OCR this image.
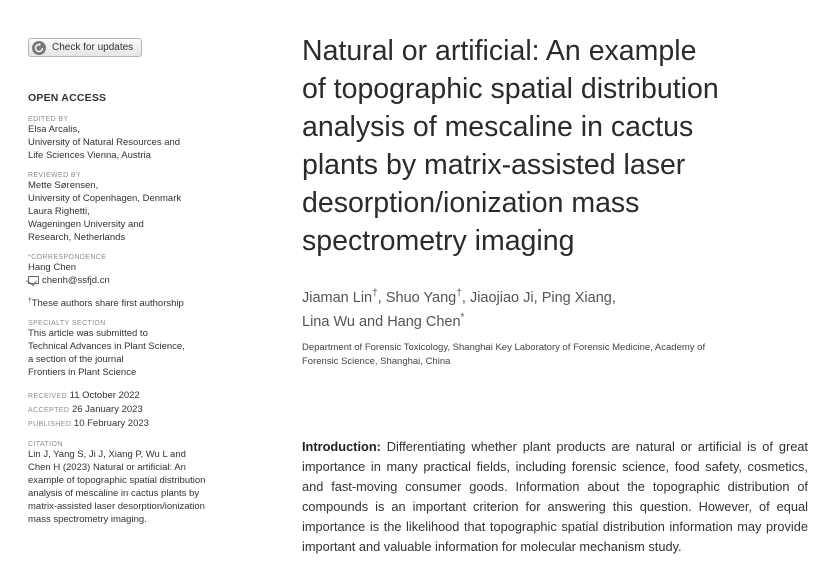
Check for updates
OPEN ACCESS
EDITED BY
Elsa Arcalis,
University of Natural Resources and
Life Sciences Vienna, Austria
REVIEWED BY
Mette Sørensen,
University of Copenhagen, Denmark
Laura Righetti,
Wageningen University and
Research, Netherlands
*CORRESPONDENCE
Hang Chen
chenh@ssfjd.cn
†These authors share first authorship
SPECIALTY SECTION
This article was submitted to
Technical Advances in Plant Science,
a section of the journal
Frontiers in Plant Science
RECEIVED 11 October 2022
ACCEPTED 26 January 2023
PUBLISHED 10 February 2023
CITATION
Lin J, Yang S, Ji J, Xiang P, Wu L and
Chen H (2023) Natural or artificial: An
example of topographic spatial distribution
analysis of mescaline in cactus plants by
matrix-assisted laser desorption/ionization
mass spectrometry imaging.
Natural or artificial: An example
of topographic spatial distribution
analysis of mescaline in cactus
plants by matrix-assisted laser
desorption/ionization mass
spectrometry imaging
Jiaman Lin†, Shuo Yang†, Jiaojiao Ji, Ping Xiang,
Lina Wu and Hang Chen*
Department of Forensic Toxicology, Shanghai Key Laboratory of Forensic Medicine, Academy of
Forensic Science, Shanghai, China
Introduction: Differentiating whether plant products are natural or artificial is of great importance in many practical fields, including forensic science, food safety, cosmetics, and fast-moving consumer goods. Information about the topographic distribution of compounds is an important criterion for answering this question. However, of equal importance is the likelihood that topographic spatial distribution information may provide important and valuable information for molecular mechanism study.
